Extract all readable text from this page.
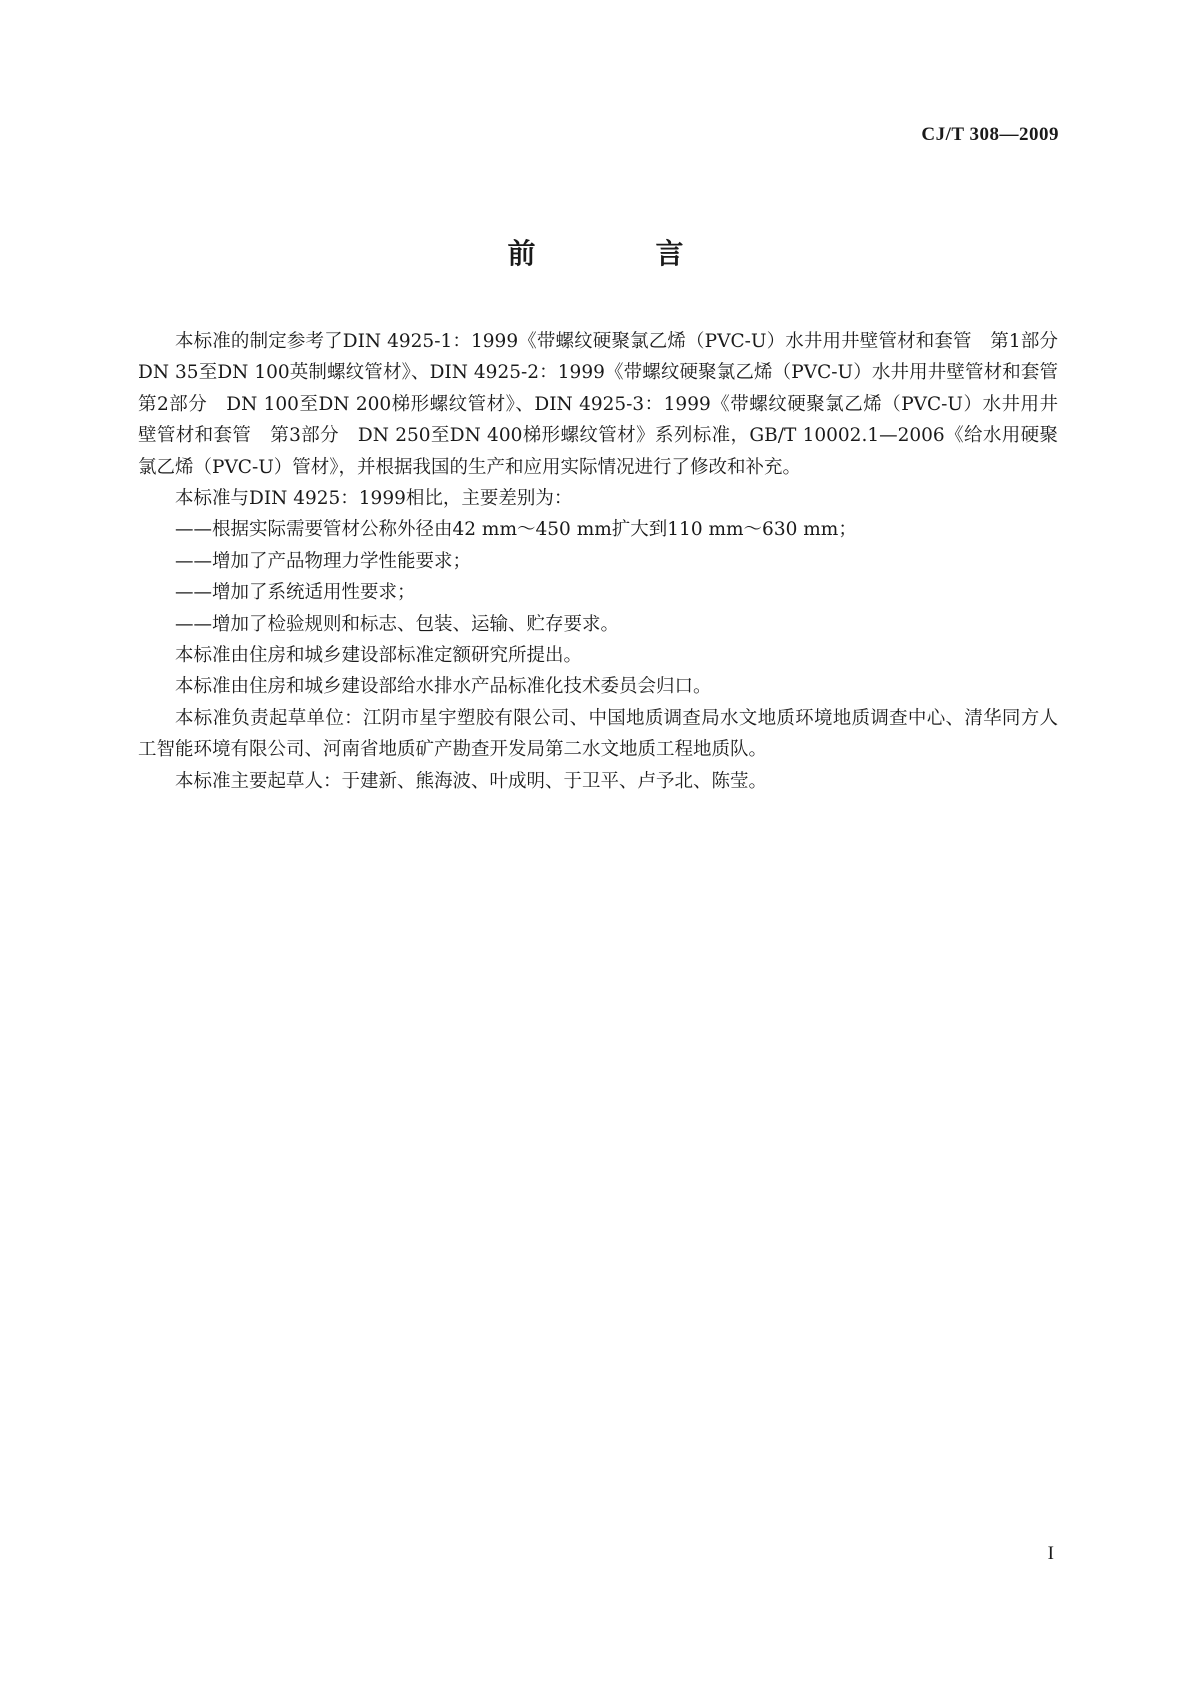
CJ/T 308—2009
前　言

本标准的制定参考了DIN 4925-1：1999《带螺纹硬聚氯乙烯（PVC-U）水井用井壁管材和套管　第1部分　DN 35至DN 100英制螺纹管材》、DIN 4925-2：1999《带螺纹硬聚氯乙烯（PVC-U）水井用井壁管材和套管　第2部分　DN 100至DN 200梯形螺纹管材》、DIN 4925-3：1999《带螺纹硬聚氯乙烯（PVC-U）水井用井壁管材和套管　第3部分　DN 250至DN 400梯形螺纹管材》系列标准，GB/T 10002.1—2006《给水用硬聚氯乙烯（PVC-U）管材》，并根据我国的生产和应用实际情况进行了修改和补充。

本标准与DIN 4925：1999相比，主要差别为：

——根据实际需要管材公称外径由42 mm～450 mm扩大到110 mm～630 mm；

——增加了产品物理力学性能要求；

——增加了系统适用性要求；

——增加了检验规则和标志、包装、运输、贮存要求。

本标准由住房和城乡建设部标准定额研究所提出。

本标准由住房和城乡建设部给水排水产品标准化技术委员会归口。

本标准负责起草单位：江阴市星宇塑胶有限公司、中国地质调查局水文地质环境地质调查中心、清华同方人工智能环境有限公司、河南省地质矿产勘查开发局第二水文地质工程地质队。

本标准主要起草人：于建新、熊海波、叶成明、于卫平、卢予北、陈莹。

I
